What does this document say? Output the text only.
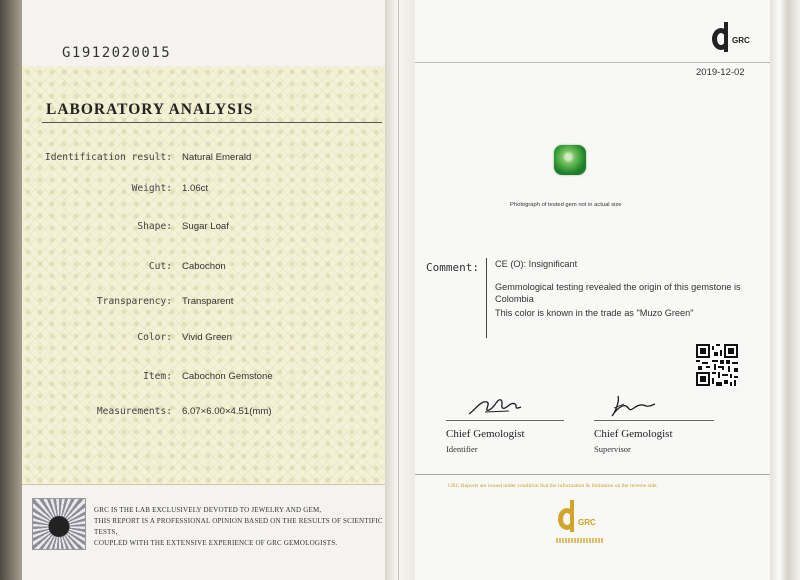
G1912020015
LABORATORY ANALYSIS
Identification result: Natural Emerald
Weight: 1.06ct
Shape: Sugar Loaf
Cut: Cabochon
Transparency: Transparent
Color: Vivid Green
Item: Cabochon Gemstone
Measurements: 6.07×6.00×4.51(mm)
GRC IS THE LAB EXCLUSIVELY DEVOTED TO JEWELRY AND GEM,
THIS REPORT IS A PROFESSIONAL OPINION BASED ON THE RESULTS OF SCIENTIFIC TESTS,
COUPLED WITH THE EXTENSIVE EXPERIENCE OF GRC GEMOLOGISTS.
GRC
2019-12-02
Photograph of tested gem not in actual size
Comment: CE (O): Insignificant
Gemmological testing revealed the origin of this gemstone is Colombia
This color is known in the trade as "Muzo Green"
Chief Gemologist
Identifier
Chief Gemologist
Supervisor
GRC Reports are issued under condition that the information & limitation on the reverse side.
GRC
